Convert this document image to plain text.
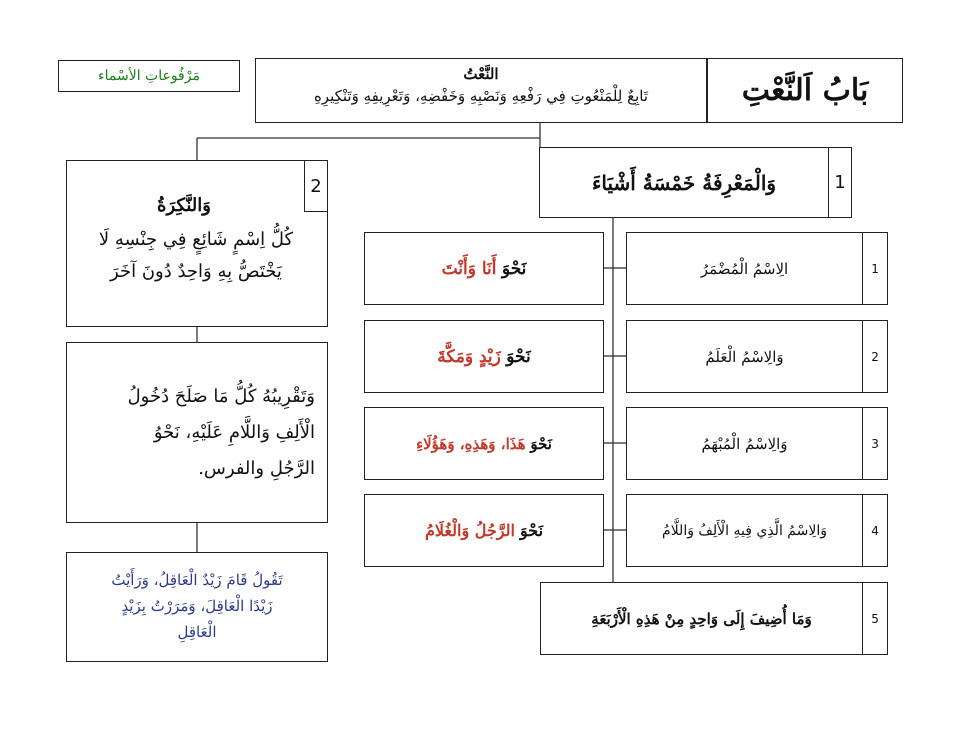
مَرْفُوعاتِ الأسْماء	النَّعْتُ
تَابِعٌ لِلْمَنْعُوتِ فِي رَفْعِهِ وَنَصْبِهِ وَخَفْضِهِ، وَتَعْرِيفِهِ وَتَنْكِيرِهِ	بَابُ اَلنَّعْتِ
1
وَالْمَعْرِفَةُ خَمْسَةُ أَشْيَاءَ
1
الِاسْمُ الْمُضْمَرُ
نَحْوَ

أَنَا وَأَنْتَ
2
وَالِاسْمُ الْعَلَمُ
نَحْوَ

زَيْدٍ وَمَكَّةَ
3
وَالِاسْمُ الْمُبْهَمُ
نَحْوَ

هَذَا، وَهَذِهِ، وَهَؤُلَاءِ
4
وَالِاسْمُ الَّذِي فِيهِ الْأَلِفُ وَاللَّامُ
نَحْوَ

الرَّجُلُ وَالْغُلَامُ
5
وَمَا أُضِيفَ إِلَى وَاحِدٍ مِنْ هَذِهِ الْأَرْبَعَةِ
2
وَالنَّكِرَةُ
كُلُّ اِسْمٍ شَائِعٍ فِي جِنْسِهِ لَا
يَخْتَصُّ بِهِ وَاحِدٌ دُونَ آخَرَ
وَتَقْرِيبُهُ كُلُّ مَا صَلَحَ دُخُولُ
الْأَلِفِ وَاللَّامِ عَلَيْهِ، نَحْوُ
الرَّجُلِ والفرس.
تَقُولُ قَامَ زَيْدٌ الْعَاقِلُ، وَرَأَيْتُ
زَيْدًا الْعَاقِلَ، وَمَرَرْتُ بِزَيْدٍ
الْعَاقِلِ
